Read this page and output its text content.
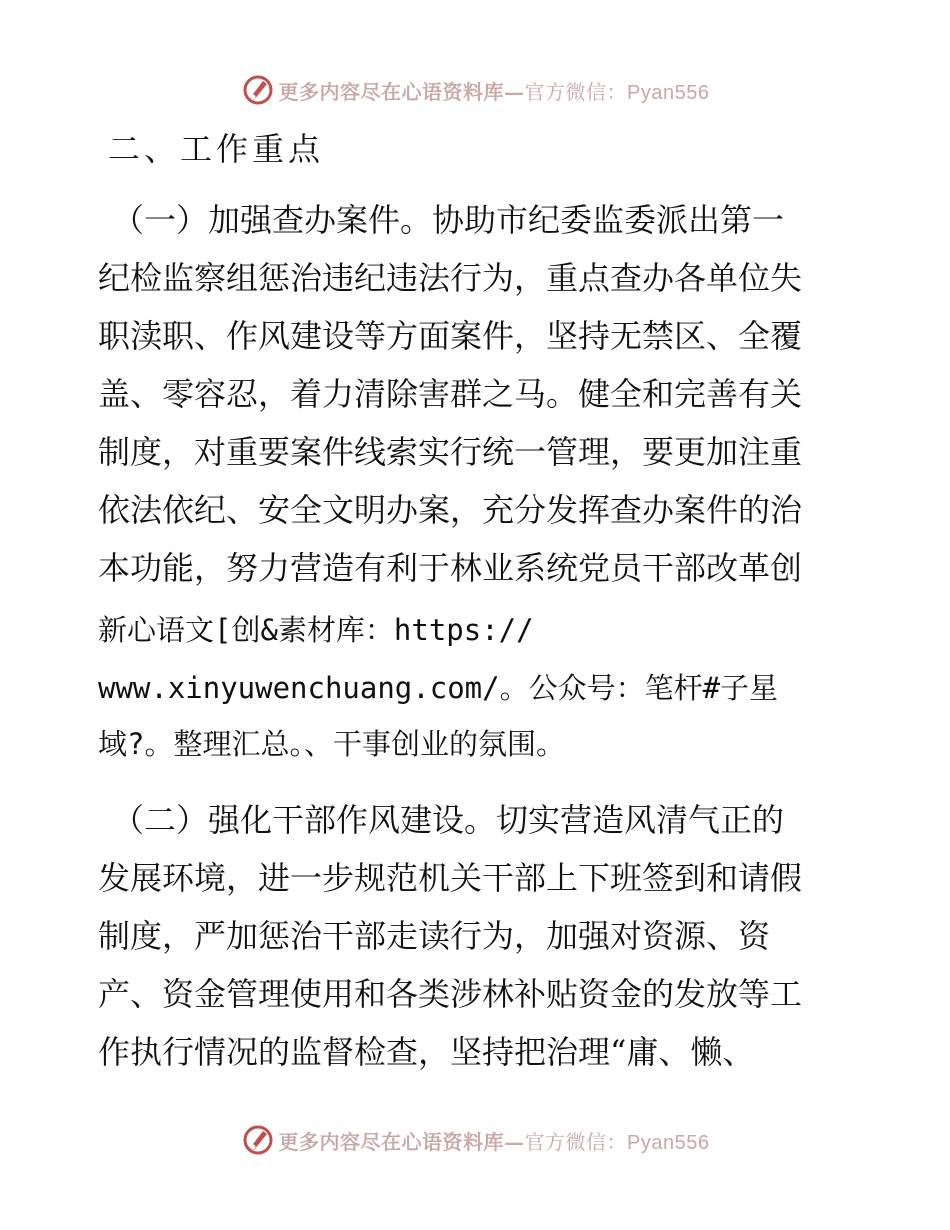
更多内容尽在心语资料库—官方微信：Pyan556
二、工作重点
（一）加强查办案件。协助市纪委监委派出第一
纪检监察组惩治违纪违法行为，重点查办各单位失
职渎职、作风建设等方面案件，坚持无禁区、全覆
盖、零容忍，着力清除害群之马。健全和完善有关
制度，对重要案件线索实行统一管理，要更加注重
依法依纪、安全文明办案，充分发挥查办案件的治
本功能，努力营造有利于林业系统党员干部改革创
新心语文[创&素材库：https://
www.xinyuwenchuang.com/。公众号：笔杆#子星
域?。整理汇总。、干事创业的氛围。
（二）强化干部作风建设。切实营造风清气正的
发展环境，进一步规范机关干部上下班签到和请假
制度，严加惩治干部走读行为，加强对资源、资
产、资金管理使用和各类涉林补贴资金的发放等工
作执行情况的监督检查，坚持把治理“庸、懒、
更多内容尽在心语资料库—官方微信：Pyan556
